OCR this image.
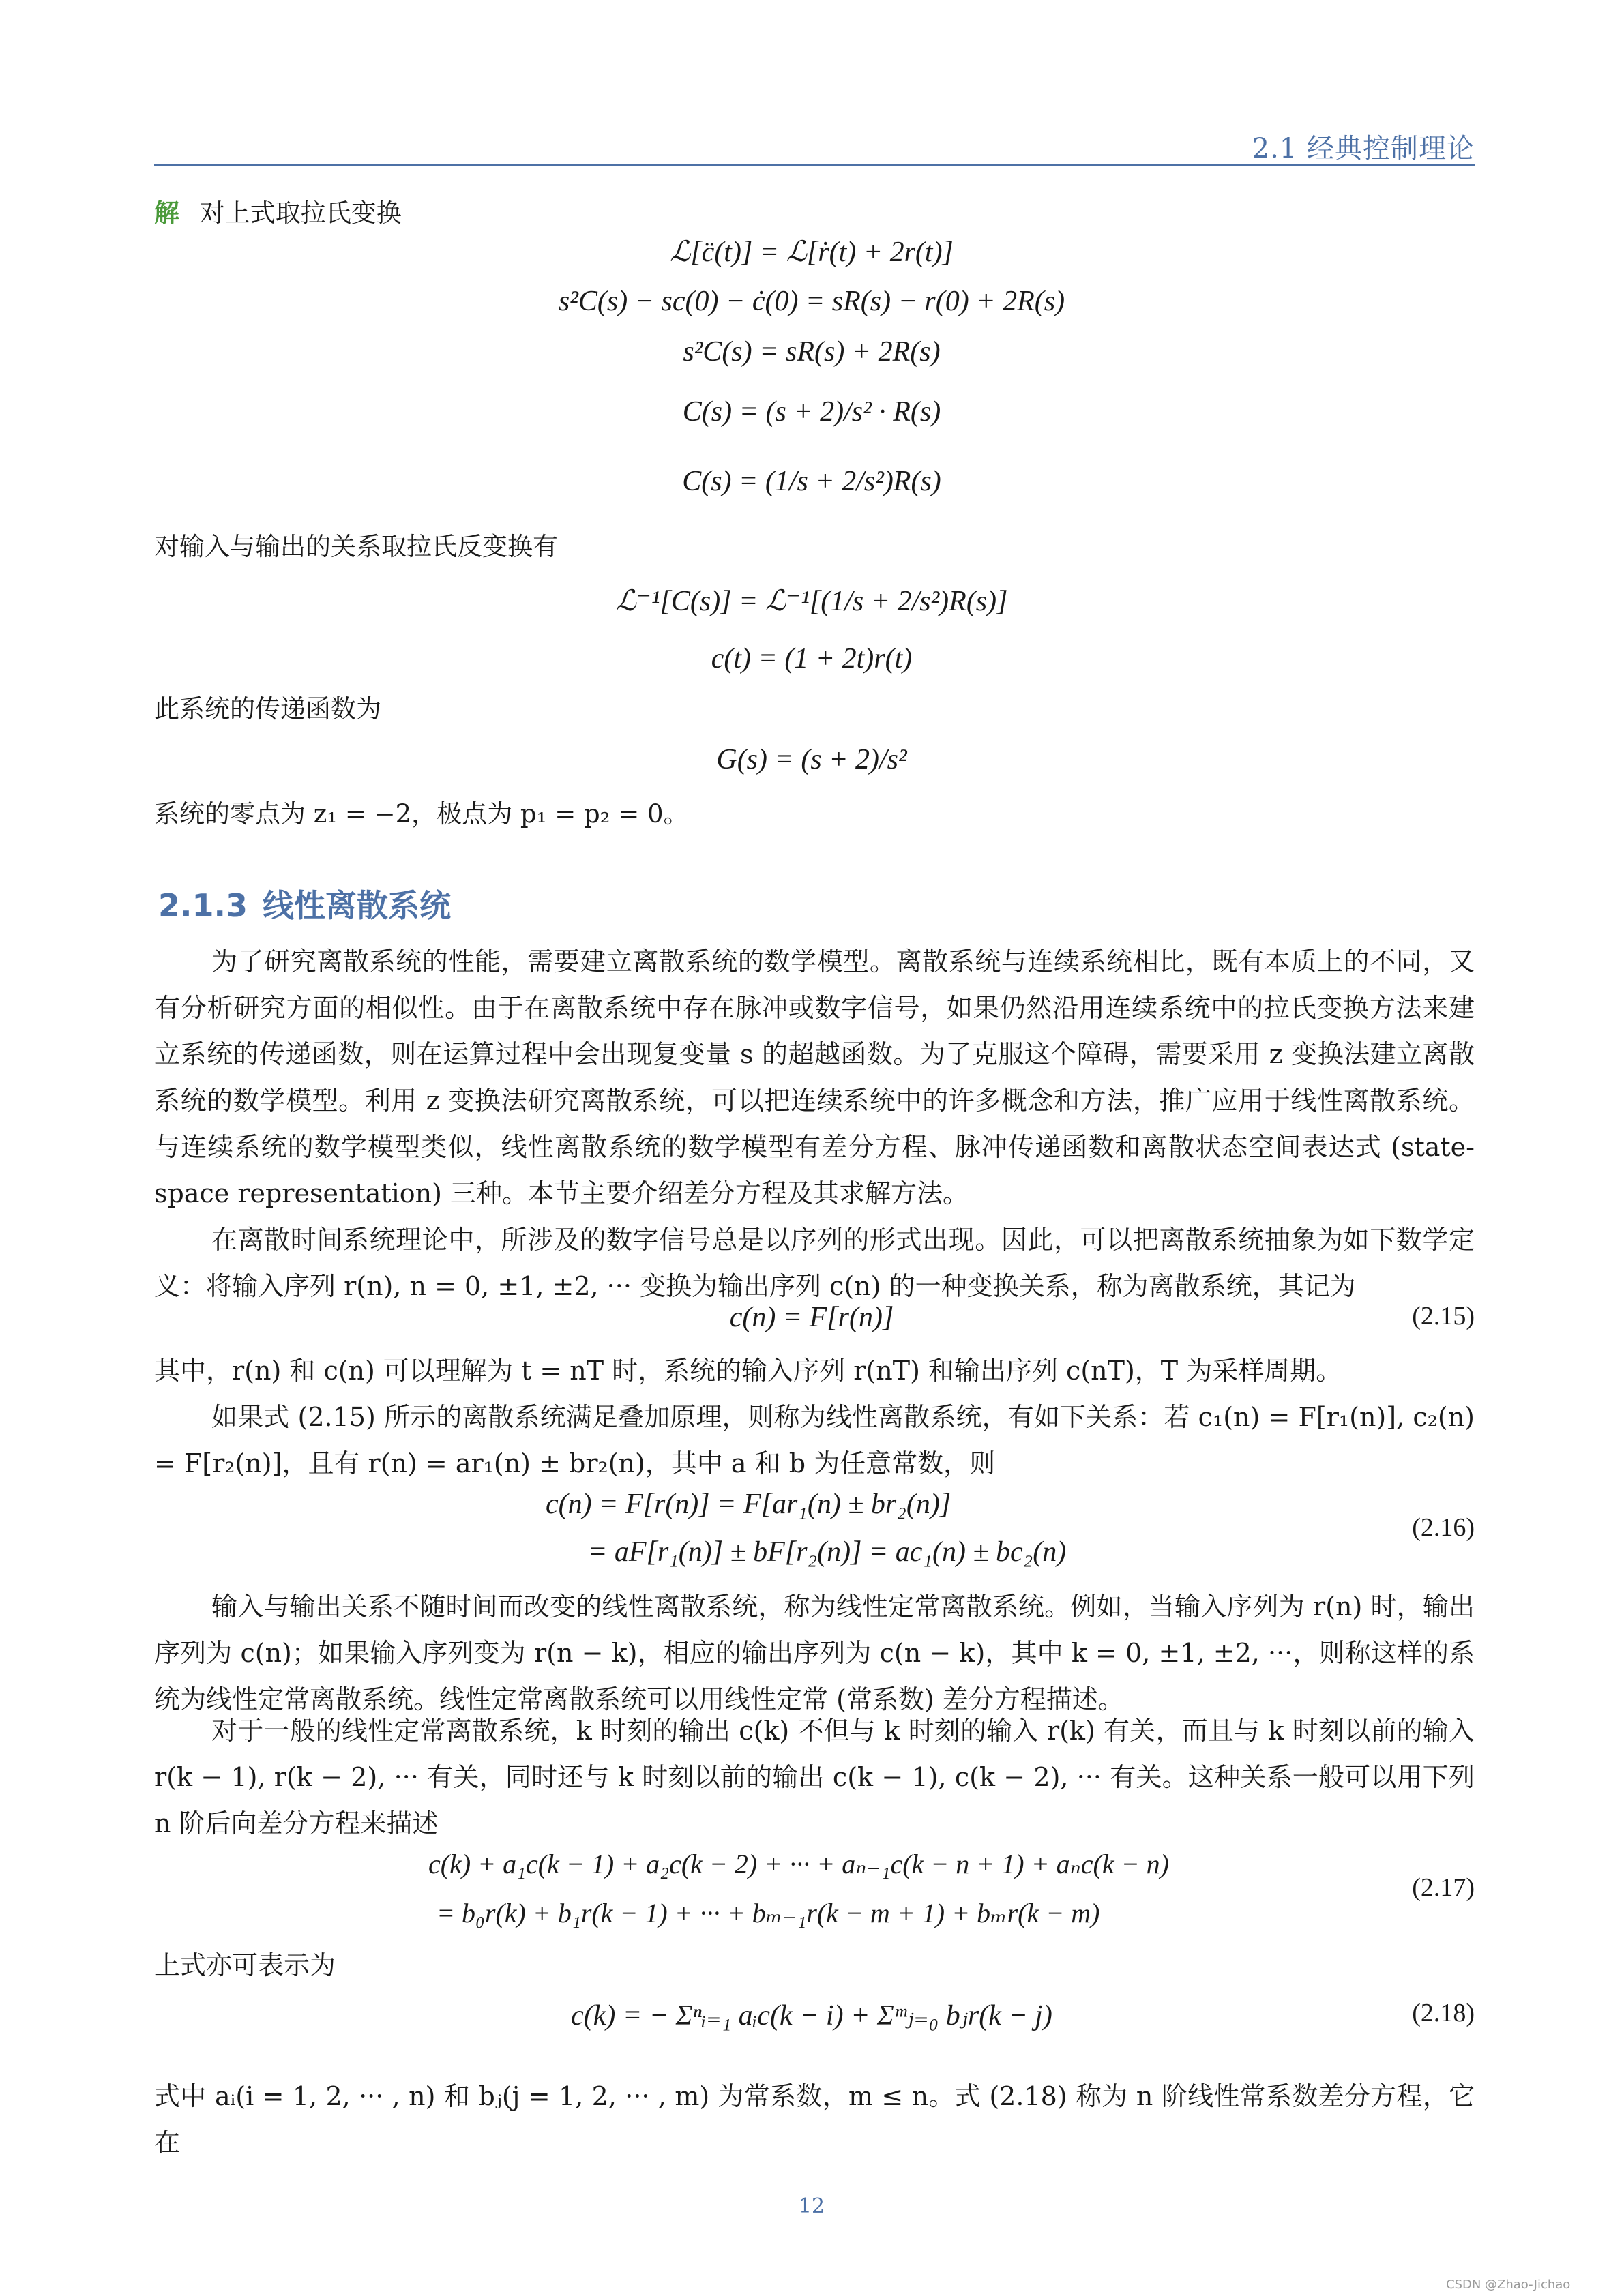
2.1 经典控制理论
解 对上式取拉氏变换
ℒ[c̈(t)] = ℒ[ṙ(t) + 2r(t)]
s²C(s) − sc(0) − ċ(0) = sR(s) − r(0) + 2R(s)
s²C(s) = sR(s) + 2R(s)
C(s) = (s + 2)/s² · R(s)
C(s) = (1/s + 2/s²)R(s)
对输入与输出的关系取拉氏反变换有
ℒ⁻¹[C(s)] = ℒ⁻¹[(1/s + 2/s²)R(s)]
c(t) = (1 + 2t)r(t)
此系统的传递函数为
G(s) = (s + 2)/s²
系统的零点为 z₁ = −2，极点为 p₁ = p₂ = 0。
2.1.3 线性离散系统

为了研究离散系统的性能，需要建立离散系统的数学模型。离散系统与连续系统相比，既有本质上的不同，又有分析研究方面的相似性。由于在离散系统中存在脉冲或数字信号，如果仍然沿用连续系统中的拉氏变换方法来建立系统的传递函数，则在运算过程中会出现复变量 s 的超越函数。为了克服这个障碍，需要采用 z 变换法建立离散系统的数学模型。利用 z 变换法研究离散系统，可以把连续系统中的许多概念和方法，推广应用于线性离散系统。与连续系统的数学模型类似，线性离散系统的数学模型有差分方程、脉冲传递函数和离散状态空间表达式 (state-space representation) 三种。本节主要介绍差分方程及其求解方法。

在离散时间系统理论中，所涉及的数字信号总是以序列的形式出现。因此，可以把离散系统抽象为如下数学定义：将输入序列 r(n), n = 0, ±1, ±2, ··· 变换为输出序列 c(n) 的一种变换关系，称为离散系统，其记为

c(n) = F[r(n)]	(2.15)

其中，r(n) 和 c(n) 可以理解为 t = nT 时，系统的输入序列 r(nT) 和输出序列 c(nT)，T 为采样周期。

如果式 (2.15) 所示的离散系统满足叠加原理，则称为线性离散系统，有如下关系：若 c₁(n) = F[r₁(n)], c₂(n) = F[r₂(n)]，且有 r(n) = ar₁(n) ± br₂(n)，其中 a 和 b 为任意常数，则

c(n) = F[r(n)] = F[ar₁(n) ± br₂(n)]
= aF[r₁(n)] ± bF[r₂(n)] = ac₁(n) ± bc₂(n)
(2.16)

输入与输出关系不随时间而改变的线性离散系统，称为线性定常离散系统。例如，当输入序列为 r(n) 时，输出序列为 c(n)；如果输入序列变为 r(n − k)，相应的输出序列为 c(n − k)，其中 k = 0, ±1, ±2, ···，则称这样的系统为线性定常离散系统。线性定常离散系统可以用线性定常 (常系数) 差分方程描述。

对于一般的线性定常离散系统，k 时刻的输出 c(k) 不但与 k 时刻的输入 r(k) 有关，而且与 k 时刻以前的输入 r(k − 1), r(k − 2), ··· 有关，同时还与 k 时刻以前的输出 c(k − 1), c(k − 2), ··· 有关。这种关系一般可以用下列 n 阶后向差分方程来描述

c(k) + a₁c(k − 1) + a₂c(k − 2) + ··· + aₙ₋₁c(k − n + 1) + aₙc(k − n)
= b₀r(k) + b₁r(k − 1) + ··· + bₘ₋₁r(k − m + 1) + bₘr(k − m)
(2.17)

上式亦可表示为

c(k) = − Σⁿᵢ₌₁ aᵢc(k − i) + Σᵐⱼ₌₀ bⱼr(k − j)	(2.18)

式中 aᵢ(i = 1, 2, ··· , n) 和 bⱼ(j = 1, 2, ··· , m) 为常系数，m ≤ n。式 (2.18) 称为 n 阶线性常系数差分方程，它在

12
CSDN @Zhao-Jichao
